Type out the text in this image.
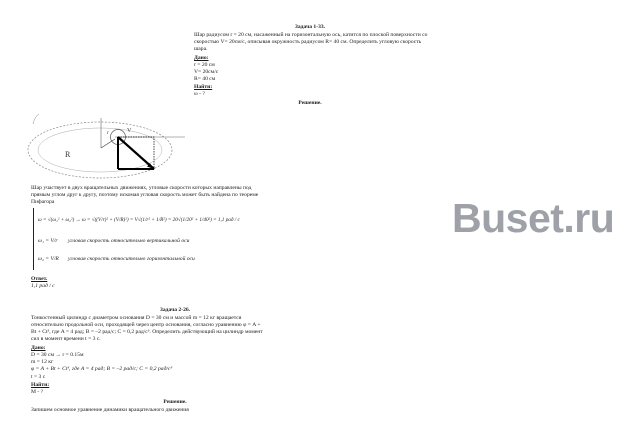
Задача 1-33.
Шар радиусом r = 20 см, насаженный на горизонтальную ось, катится по плоской поверхности со
скоростью V= 20см/с, описывая окружность радиусом R= 40 см. Определить угловую скорость
шара.
Дано:
r = 20 см
V= 20см/с
R= 40 см
Найти:
ω - ?
Решение.
R
r	V
Шар участвует в двух вращательных движениях, угловые скорости которых направлены под
прямым углом друг к другу, поэтому искомая угловая скорость может быть найдена по теореме
Пифагора
ω = √(ω₁² + ω₂²) → ω = √((V/r)² + (V/R)²) = V√(1/r² + 1/R²) = 20√(1/20² + 1/40²) = 1,1 рад / с
ω₁ = V/r угловая скорость относительно вертикальной оси
ω₂ = V/R угловая скорость относительно горизонтальной оси
Ответ.
1,1 рад / с
Buset.ru
Задача 2-26.
Тонкостенный цилиндр с диаметром основания D = 30 см и массой m = 12 кг вращается
относительно продольной оси, проходящей через центр основания, согласно уравнению φ = A +
Bt + Ct³, где A = 4 рад; B = –2 рад/с; C = 0,2 рад/с³. Определить действующий на цилиндр момент
сил в момент времени t = 3 с.
Дано:
D = 30 см → r = 0.15м
m = 12 кг
φ = A + Bt + Ct³, где A = 4 рад; B = –2 рад/с; C = 0,2 рад/с³
t = 3 с
Найти:
M - ?
Решение.
Запишем основное уравнение динамики вращательного движения
